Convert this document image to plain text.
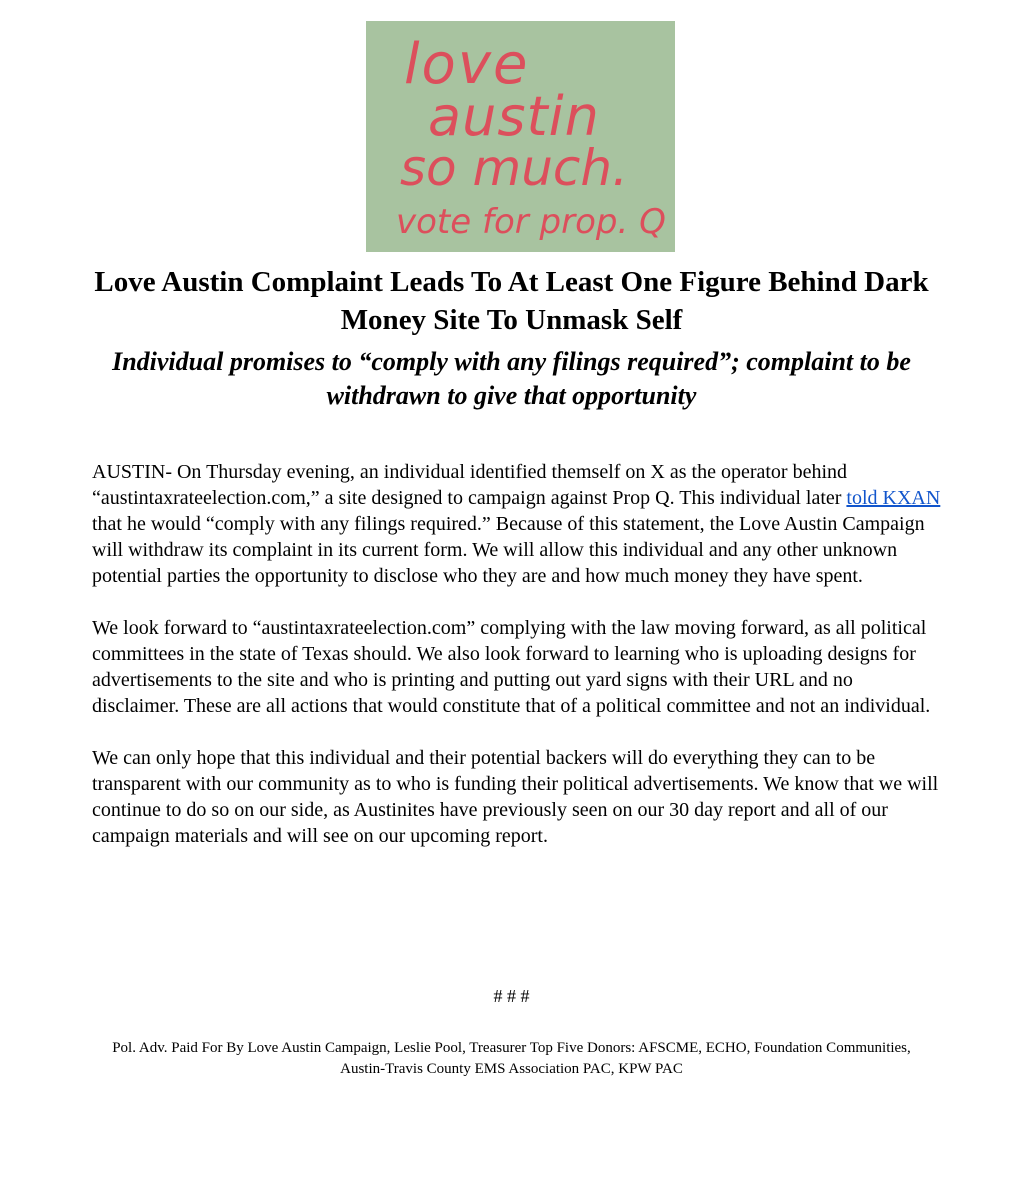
love
austin
so much.
vote for prop. Q
Love Austin Complaint Leads To At Least One Figure Behind Dark Money Site To Unmask Self
Individual promises to “comply with any filings required”; complaint to be withdrawn to give that opportunity

AUSTIN- On Thursday evening, an individual identified themself on X as the operator behind “austintaxrateelection.com,” a site designed to campaign against Prop Q. This individual later told KXAN that he would “comply with any filings required.” Because of this statement, the Love Austin Campaign will withdraw its complaint in its current form. We will allow this individual and any other unknown potential parties the opportunity to disclose who they are and how much money they have spent.

We look forward to “austintaxrateelection.com” complying with the law moving forward, as all political committees in the state of Texas should. We also look forward to learning who is uploading designs for advertisements to the site and who is printing and putting out yard signs with their URL and no disclaimer. These are all actions that would constitute that of a political committee and not an individual.

We can only hope that this individual and their potential backers will do everything they can to be transparent with our community as to who is funding their political advertisements. We know that we will continue to do so on our side, as Austinites have previously seen on our 30 day report and all of our campaign materials and will see on our upcoming report.

# # #

Pol. Adv. Paid For By Love Austin Campaign, Leslie Pool, Treasurer Top Five Donors: AFSCME, ECHO, Foundation Communities, Austin-Travis County EMS Association PAC, KPW PAC
